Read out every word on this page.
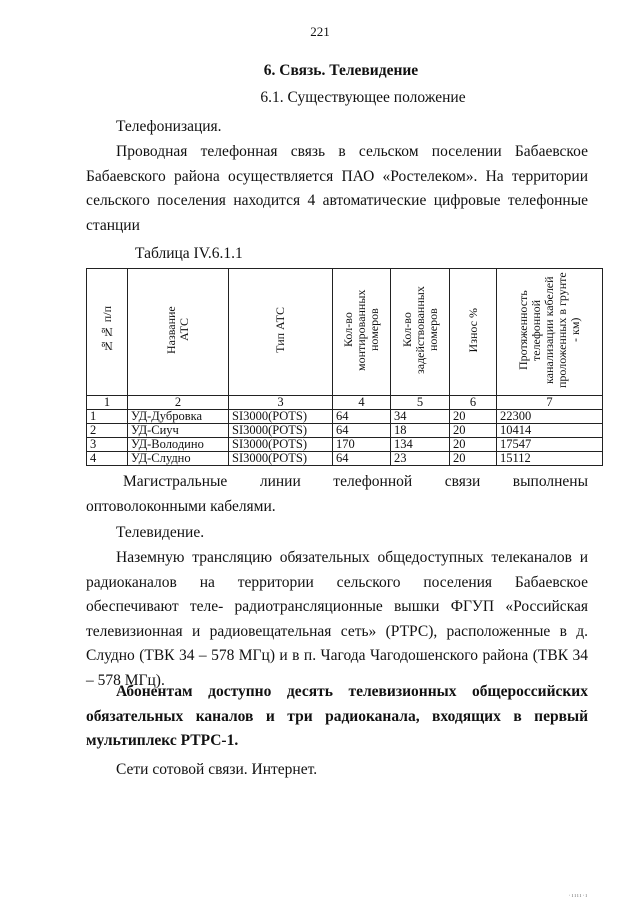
221
6. Связь. Телевидение
6.1. Существующее положение

Телефонизация.

Проводная телефонная связь в сельском поселении Бабаевское Бабаевского района осуществляется ПАО «Ростелеком». На территории сельского поселения находится 4 автоматические цифровые телефонные станции

Таблица IV.6.1.1
№№ п/п	Название АТС	Тип АТС	Кол-во монтированных номеров	Кол-во задействованных номеров	Износ %	Протяженность телефонной канализации кабелей проложенных в грунте - км)
1	2	3	4	5	6	7
1	УД-Дубровка	SI3000(POTS)	64	34	20	22300
2	УД-Сиуч	SI3000(POTS)	64	18	20	10414
3	УД-Володино	SI3000(POTS)	170	134	20	17547
4	УД-Слудно	SI3000(POTS)	64	23	20	15112

Магистральные линии телефонной связи выполнены оптоволоконными кабелями.

Телевидение.

Наземную трансляцию обязательных общедоступных телеканалов и радиоканалов на территории сельского поселения Бабаевское обеспечивают теле- радиотрансляционные вышки ФГУП «Российская телевизионная и радиовещательная сеть» (РТРС), расположенные в д. Слудно (ТВК 34 – 578 МГц) и в п. Чагода Чагодошенского района (ТВК 34 – 578 МГц).

Абонентам доступно десять телевизионных общероссийских обязательных каналов и три радиоканала, входящих в первый мультиплекс РТРС-1.

Сети сотовой связи. Интернет.

·ıııı·ı
